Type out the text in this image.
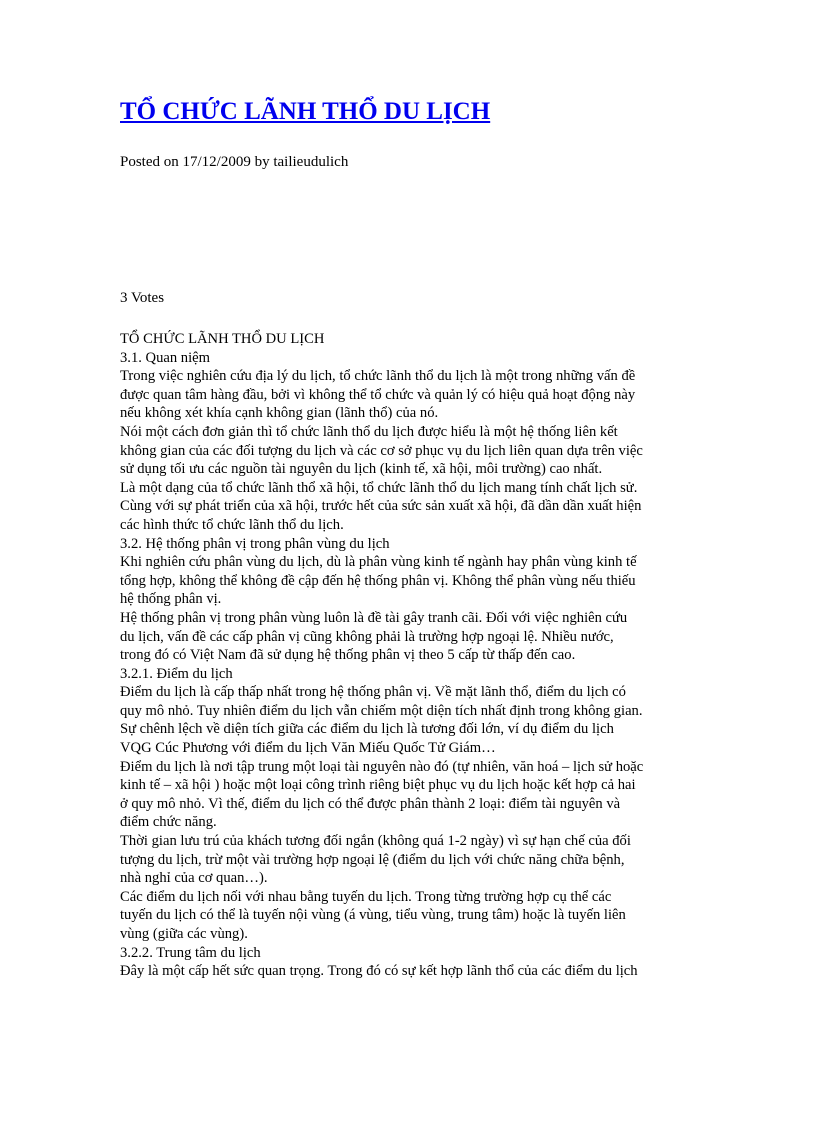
TỔ CHỨC LÃNH THỔ DU LỊCH
Posted on 17/12/2009 by tailieudulich
3 Votes
TỔ CHỨC LÃNH THỔ DU LỊCH
3.1. Quan niệm
Trong việc nghiên cứu địa lý du lịch, tổ chức lãnh thổ du lịch là một trong những vấn đề
được quan tâm hàng đầu, bởi vì không thể tổ chức và quản lý có hiệu quả hoạt động này
nếu không xét khía cạnh không gian (lãnh thổ) của nó.
Nói một cách đơn giản thì tổ chức lãnh thổ du lịch được hiểu là một hệ thống liên kết
không gian của các đối tượng du lịch và các cơ sở phục vụ du lịch liên quan dựa trên việc
sử dụng tối ưu các nguồn tài nguyên du lịch (kinh tế, xã hội, môi trường) cao nhất.
Là một dạng của tổ chức lãnh thổ xã hội, tổ chức lãnh thổ du lịch mang tính chất lịch sử.
Cùng với sự phát triển của xã hội, trước hết của sức sản xuất xã hội, đã dần dần xuất hiện
các hình thức tổ chức lãnh thổ du lịch.
3.2. Hệ thống phân vị trong phân vùng du lịch
Khi nghiên cứu phân vùng du lịch, dù là phân vùng kinh tế ngành hay phân vùng kinh tế
tổng hợp, không thể không đề cập đến hệ thống phân vị. Không thể phân vùng nếu thiếu
hệ thống phân vị.
Hệ thống phân vị trong phân vùng luôn là đề tài gây tranh cãi. Đối với việc nghiên cứu
du lịch, vấn đề các cấp phân vị cũng không phải là trường hợp ngoại lệ. Nhiều nước,
trong đó có Việt Nam đã sử dụng hệ thống phân vị theo 5 cấp từ thấp đến cao.
3.2.1. Điểm du lịch
Điểm du lịch là cấp thấp nhất trong hệ thống phân vị. Về mặt lãnh thổ, điểm du lịch có
quy mô nhỏ. Tuy nhiên điểm du lịch vẫn chiếm một diện tích nhất định trong không gian.
Sự chênh lệch về diện tích giữa các điểm du lịch là tương đối lớn, ví dụ điểm du lịch
VQG Cúc Phương với điểm du lịch Văn Miếu Quốc Tử Giám…
Điểm du lịch là nơi tập trung một loại tài nguyên nào đó (tự nhiên, văn hoá – lịch sử hoặc
kinh tế – xã hội ) hoặc một loại công trình riêng biệt phục vụ du lịch hoặc kết hợp cả hai
ở quy mô nhỏ. Vì thế, điểm du lịch có thể được phân thành 2 loại: điểm tài nguyên và
điểm chức năng.
Thời gian lưu trú của khách tương đối ngắn (không quá 1-2 ngày) vì sự hạn chế của đối
tượng du lịch, trừ một vài trường hợp ngoại lệ (điểm du lịch với chức năng chữa bệnh,
nhà nghỉ của cơ quan…).
Các điểm du lịch nối với nhau bằng tuyến du lịch. Trong từng trường hợp cụ thể các
tuyến du lịch có thể là tuyến nội vùng (á vùng, tiểu vùng, trung tâm) hoặc là tuyến liên
vùng (giữa các vùng).
3.2.2. Trung tâm du lịch
Đây là một cấp hết sức quan trọng. Trong đó có sự kết hợp lãnh thổ của các điểm du lịch
